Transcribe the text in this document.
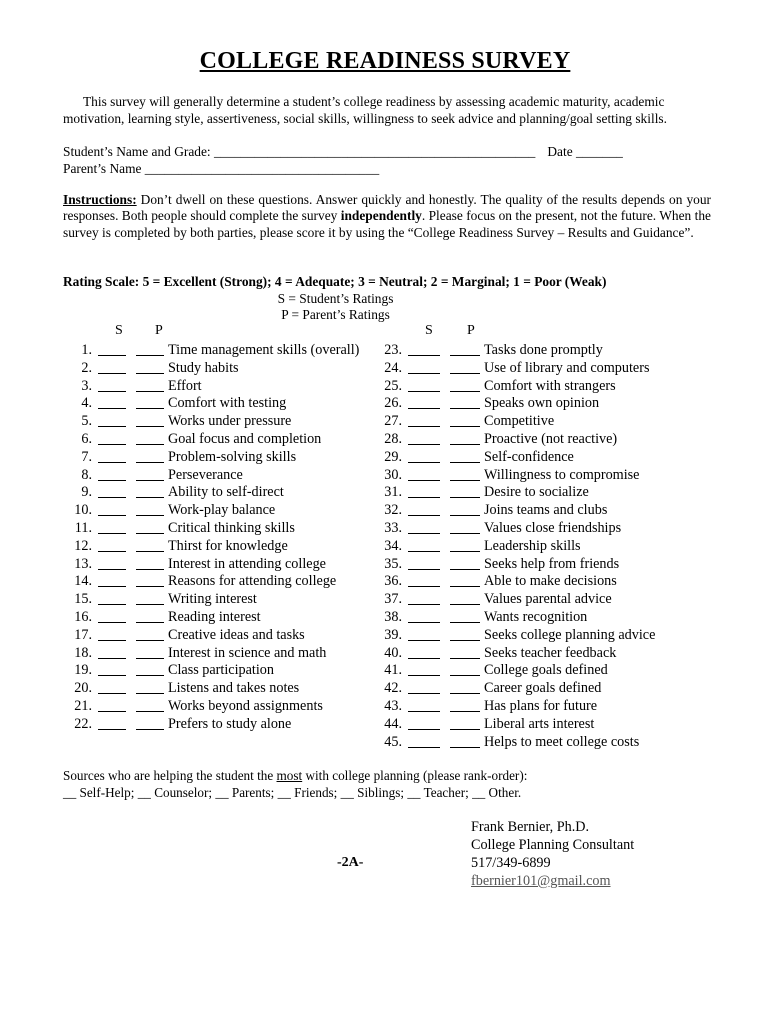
COLLEGE READINESS SURVEY

This survey will generally determine a student’s college readiness by assessing academic maturity, academic motivation, learning style, assertiveness, social skills, willingness to seek advice and planning/goal setting skills.

Student’s Name and Grade: ________________________________________________ Date _______
Parent’s Name ___________________________________
Instructions: Don’t dwell on these questions. Answer quickly and honestly. The quality of the results depends on your responses. Both people should complete the survey independently. Please focus on the present, not the future. When the survey is completed by both parties, please score it by using the “College Readiness Survey – Results and Guidance”.
Rating Scale: 5 = Excellent (Strong); 4 = Adequate; 3 = Neutral; 2 = Marginal; 1 = Poor (Weak)
S = Student’s Ratings
P = Parent’s Ratings
S P	S P
1.	Time management skills (overall)
2.	Study habits
3.	Effort
4.	Comfort with testing
5.	Works under pressure
6.	Goal focus and completion
7.	Problem-solving skills
8.	Perseverance
9.	Ability to self-direct
10.	Work-play balance
11.	Critical thinking skills
12.	Thirst for knowledge
13.	Interest in attending college
14.	Reasons for attending college
15.	Writing interest
16.	Reading interest
17.	Creative ideas and tasks
18.	Interest in science and math
19.	Class participation
20.	Listens and takes notes
21.	Works beyond assignments
22.	Prefers to study alone
23.	Tasks done promptly
24.	Use of library and computers
25.	Comfort with strangers
26.	Speaks own opinion
27.	Competitive
28.	Proactive (not reactive)
29.	Self-confidence
30.	Willingness to compromise
31.	Desire to socialize
32.	Joins teams and clubs
33.	Values close friendships
34.	Leadership skills
35.	Seeks help from friends
36.	Able to make decisions
37.	Values parental advice
38.	Wants recognition
39.	Seeks college planning advice
40.	Seeks teacher feedback
41.	College goals defined
42.	Career goals defined
43.	Has plans for future
44.	Liberal arts interest
45.	Helps to meet college costs
Sources who are helping the student the most with college planning (please rank-order):
__ Self-Help; __ Counselor; __ Parents; __ Friends; __ Siblings; __ Teacher; __ Other.
-2A-
Frank Bernier, Ph.D.
College Planning Consultant
517/349-6899
fbernier101@gmail.com
